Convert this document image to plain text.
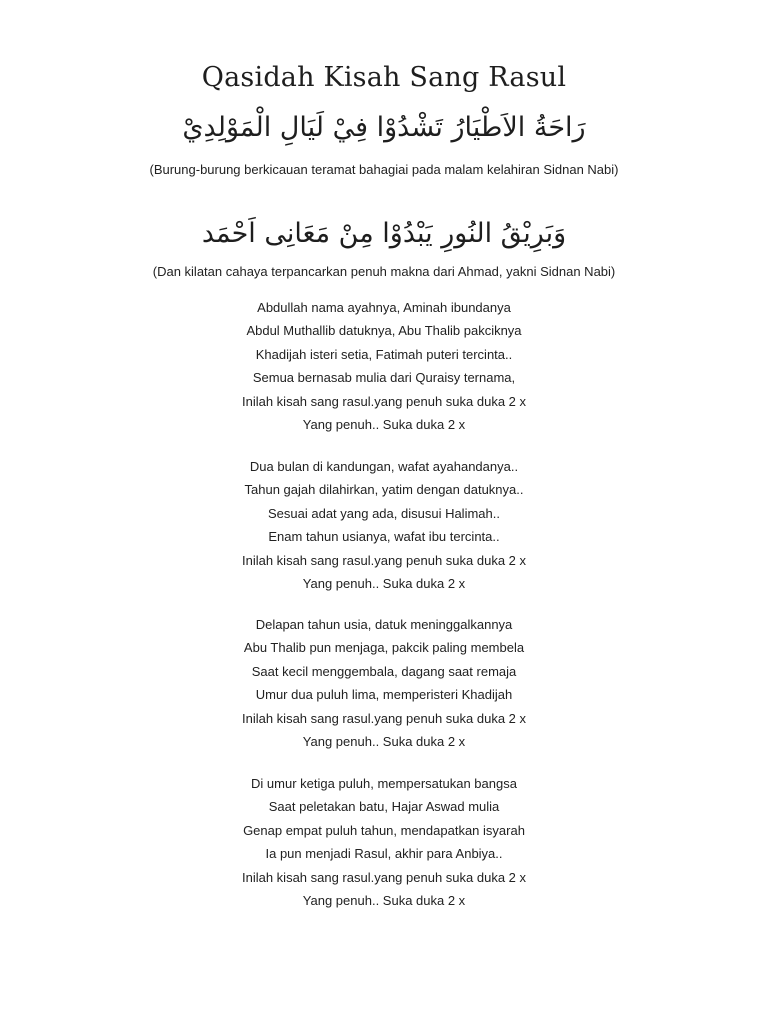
Qasidah Kisah Sang Rasul
رَاحَةُ الاَطْيَارُ تَشْدُوْا فِيْ لَيَالِ الْمَوْلِدِيْ
(Burung-burung berkicauan teramat bahagiai pada malam kelahiran Sidnan Nabi)
وَبَرِيْقُ النُورِ يَبْدُوْا مِنْ مَعَانِى اَحْمَد
(Dan kilatan cahaya terpancarkan penuh makna dari Ahmad, yakni Sidnan Nabi)
Abdullah nama ayahnya, Aminah ibundanya
Abdul Muthallib datuknya, Abu Thalib pakciknya
Khadijah isteri setia, Fatimah puteri tercinta..
Semua bernasab mulia dari Quraisy ternama,
Inilah kisah sang rasul.yang penuh suka duka 2 x
Yang penuh.. Suka duka 2 x
Dua bulan di kandungan, wafat ayahandanya..
Tahun gajah dilahirkan, yatim dengan datuknya..
Sesuai adat yang ada, disusui Halimah..
Enam tahun usianya, wafat ibu tercinta..
Inilah kisah sang rasul.yang penuh suka duka 2 x
Yang penuh.. Suka duka 2 x
Delapan tahun usia, datuk meninggalkannya
Abu Thalib pun menjaga, pakcik paling membela
Saat kecil menggembala, dagang saat remaja
Umur dua puluh lima, memperisteri Khadijah
Inilah kisah sang rasul.yang penuh suka duka 2 x
Yang penuh.. Suka duka 2 x
Di umur ketiga puluh, mempersatukan bangsa
Saat peletakan batu, Hajar Aswad mulia
Genap empat puluh tahun, mendapatkan isyarah
Ia pun menjadi Rasul, akhir para Anbiya..
Inilah kisah sang rasul.yang penuh suka duka 2 x
Yang penuh.. Suka duka 2 x
